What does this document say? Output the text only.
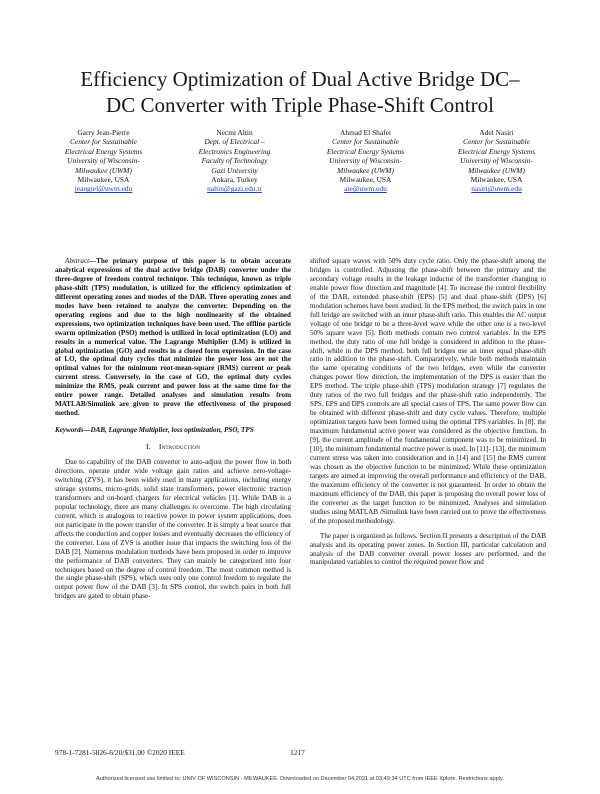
Efficiency Optimization of Dual Active Bridge DC–
DC Converter with Triple Phase-Shift Control
Garry Jean-Pierre
Center for Sustainable
Electrical Energy Systems
University of Wisconsin-
Milwaukee (UWM)
Milwaukee, USA
jeangiel@uwm.edu
Necmi Altin
Dept. of Electrical –
Electronics Engineering
Faculty of Technology
Gazi University
Ankara, Turkey
naltin@gazi.edu.tr
Ahmad El Shafei
Center for Sustainable
Electrical Energy Systems
University of Wisconsin-
Milwaukee (UWM)
Milwaukee, USA
aie@uwm.edu
Adel Nasiri
Center for Sustainable
Electrical Energy Systems
University of Wisconsin-
Milwaukee (UWM)
Milwaukee, USA
nasiri@uwm.edu

Abstract—The primary purpose of this paper is to obtain accurate analytical expressions of the dual active bridge (DAB) converter under the three-degree of freedom control technique. This technique, known as triple phase-shift (TPS) modulation, is utilized for the efficiency optimization of different operating zones and modes of the DAB. Three operating zones and modes have been retained to analyze the converter. Depending on the operating regions and due to the high nonlinearity of the obtained expressions, two optimization techniques have been used. The offline particle swarm optimization (PSO) method is utilized in local optimization (LO) and results in a numerical value. The Lagrange Multiplier (LM) is utilized in global optimization (GO) and results in a closed form expression. In the case of LO, the optimal duty cycles that minimize the power loss are not the optimal values for the minimum root-mean-square (RMS) current or peak current stress. Conversely, in the case of GO, the optimal duty cycles minimize the RMS, peak current and power loss at the same time for the entire power range. Detailed analyses and simulation results from MATLAB/Simulink are given to prove the effectiveness of the proposed method.

Keywords—DAB, Lagrange Multiplier, loss optimization, PSO, TPS

I. Introduction

Due to capability of the DAB converter to auto-adjust the power flow in both directions, operate under wide voltage gain ratios and achieve zero-voltage-switching (ZVS), it has been widely used in many applications, including energy storage systems, micro-grids, solid state transformers, power electronic traction transformers and on-board chargers for electrical vehicles [1]. While DAB is a popular technology, there are many challenges to overcome. The high circulating current, which is analogous to reactive power in power system applications, does not participate in the power transfer of the converter. It is simply a heat source that affects the conduction and copper losses and eventually decreases the efficiency of the converter. Loss of ZVS is another issue that impacts the switching loss of the DAB [2]. Numerous modulation methods have been proposed in order to improve the performance of DAB converters. They can mainly be categorized into four techniques based on the degree of control freedom. The most common method is the single phase-shift (SPS), which uses only one control freedom to regulate the output power flow of the DAB [3]. In SPS control, the switch pairs in both full bridges are gated to obtain phase-

shifted square waves with 50% duty cycle ratio. Only the phase-shift among the bridges is controlled. Adjusting the phase-shift between the primary and the secondary voltage results in the leakage inductor of the transformer changing to enable power flow direction and magnitude [4]. To increase the control flexibility of the DAB, extended phase-shift (EPS) [5] and dual phase-shift (DPS) [6] modulation schemes have been studied. In the EPS method, the switch pairs in one full bridge are switched with an inner phase-shift ratio. This enables the AC output voltage of one bridge to be a three-level wave while the other one is a two-level 50% square wave [5]. Both methods contain two control variables. In the EPS method, the duty ratio of one full bridge is considered in addition to the phase-shift, while in the DPS method, both full bridges use an inner equal phase-shift ratio in addition to the phase-shift. Comparatively, while both methods maintain the same operating conditions of the two bridges, even while the converter changes power flow direction, the implementation of the DPS is easier than the EPS method. The triple phase-shift (TPS) modulation strategy [7] regulates the duty ratios of the two full bridges and the phase-shift ratio independently. The SPS, EPS and DPS controls are all special cases of TPS. The same power flow can be obtained with different phase-shift and duty cycle values. Therefore, multiple optimization targets have been formed using the optimal TPS variables. In [8], the maximum fundamental active power was considered as the objective function. In [9], the current amplitude of the fundamental component was to be minimized. In [10], the minimum fundamental reactive power is used. In [11]- [13], the minimum current stress was taken into consideration and in [14] and [15] the RMS current was chosen as the objective function to be minimized. While these optimization targets are aimed at improving the overall performance and efficiency of the DAB, the maximum efficiency of the converter is not guaranteed. In order to obtain the maximum efficiency of the DAB, this paper is proposing the overall power loss of the converter as the target function to be minimized. Analyses and simulation studies using MATLAB /Simulink have been carried out to prove the effectiveness of the proposed methodology.

The paper is organized as follows. Section II presents a description of the DAB analysis and its operating power zones. In Section III, particular calculation and analysis of the DAB converter overall power losses are performed, and the manipulated variables to control the required power flow and

978-1-7281-5826-6/20/$31.00 ©2020 IEEE	1217
Authorized licensed use limited to: UNIV OF WISCONSIN - MILWAUKEE. Downloaded on December 04,2021 at 03:49:34 UTC from IEEE Xplore. Restrictions apply.
